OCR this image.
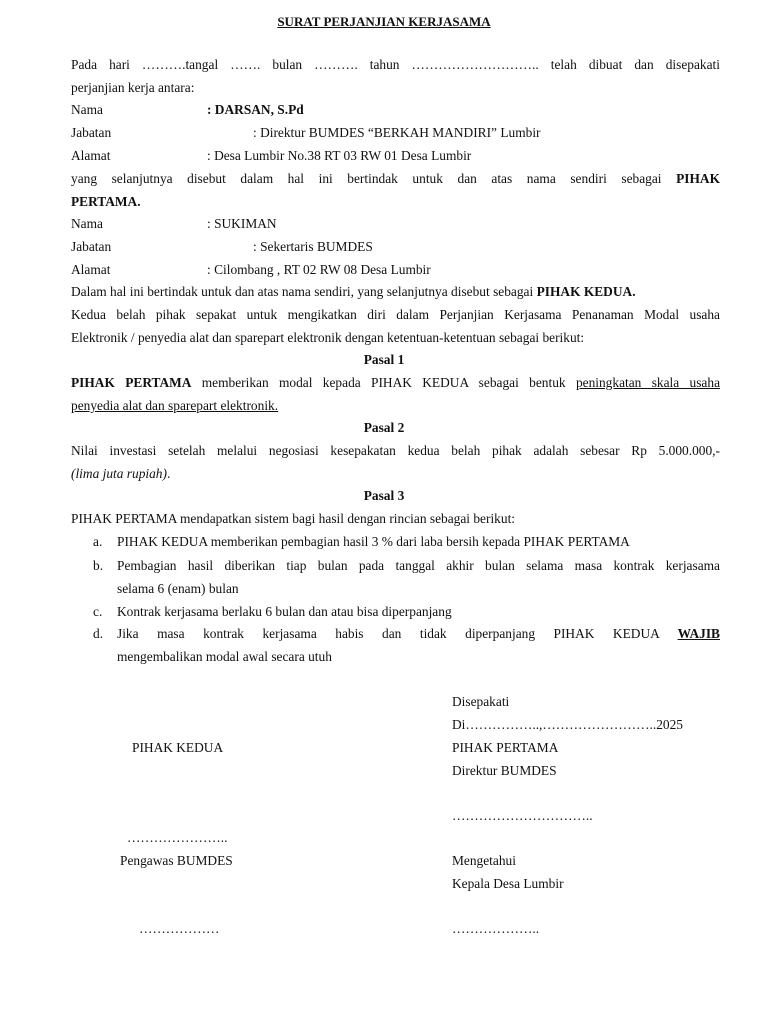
SURAT PERJANJIAN KERJASAMA
Pada hari ……….tangal ……. bulan ………. tahun ……………………….. telah dibuat dan disepakati
perjanjian kerja antara:
Nama	: DARSAN, S.Pd
Jabatan	: Direktur BUMDES “BERKAH MANDIRI” Lumbir
Alamat	: Desa Lumbir No.38 RT 03 RW 01 Desa Lumbir
yang selanjutnya disebut dalam hal ini bertindak untuk dan atas nama sendiri sebagai PIHAK
PERTAMA.
Nama	: SUKIMAN
Jabatan	: Sekertaris BUMDES
Alamat	: Cilombang , RT 02 RW 08 Desa Lumbir
Dalam hal ini bertindak untuk dan atas nama sendiri, yang selanjutnya disebut sebagai PIHAK KEDUA.
Kedua belah pihak sepakat untuk mengikatkan diri dalam Perjanjian Kerjasama Penanaman Modal usaha
Elektronik / penyedia alat dan sparepart elektronik dengan ketentuan-ketentuan sebagai berikut:
Pasal 1
PIHAK PERTAMA memberikan modal kepada PIHAK KEDUA sebagai bentuk peningkatan skala usaha
penyedia alat dan sparepart elektronik.
Pasal 2
Nilai investasi setelah melalui negosiasi kesepakatan kedua belah pihak adalah sebesar Rp 5.000.000,-
(lima juta rupiah).
Pasal 3
PIHAK PERTAMA mendapatkan sistem bagi hasil dengan rincian sebagai berikut:
a. PIHAK KEDUA memberikan pembagian hasil 3 % dari laba bersih kepada PIHAK PERTAMA
b. Pembagian hasil diberikan tiap bulan pada tanggal akhir bulan selama masa kontrak kerjasama
selama 6 (enam) bulan
c. Kontrak kerjasama berlaku 6 bulan dan atau bisa diperpanjang
d. Jika masa kontrak kerjasama habis dan tidak diperpanjang PIHAK KEDUA WAJIB
mengembalikan modal awal secara utuh
Disepakati
Di……………..,……………………..2025
PIHAK KEDUA	PIHAK PERTAMA
Direktur BUMDES
…………………………..
…………………..
Pengawas BUMDES	Mengetahui
Kepala Desa Lumbir
………………	………………..
